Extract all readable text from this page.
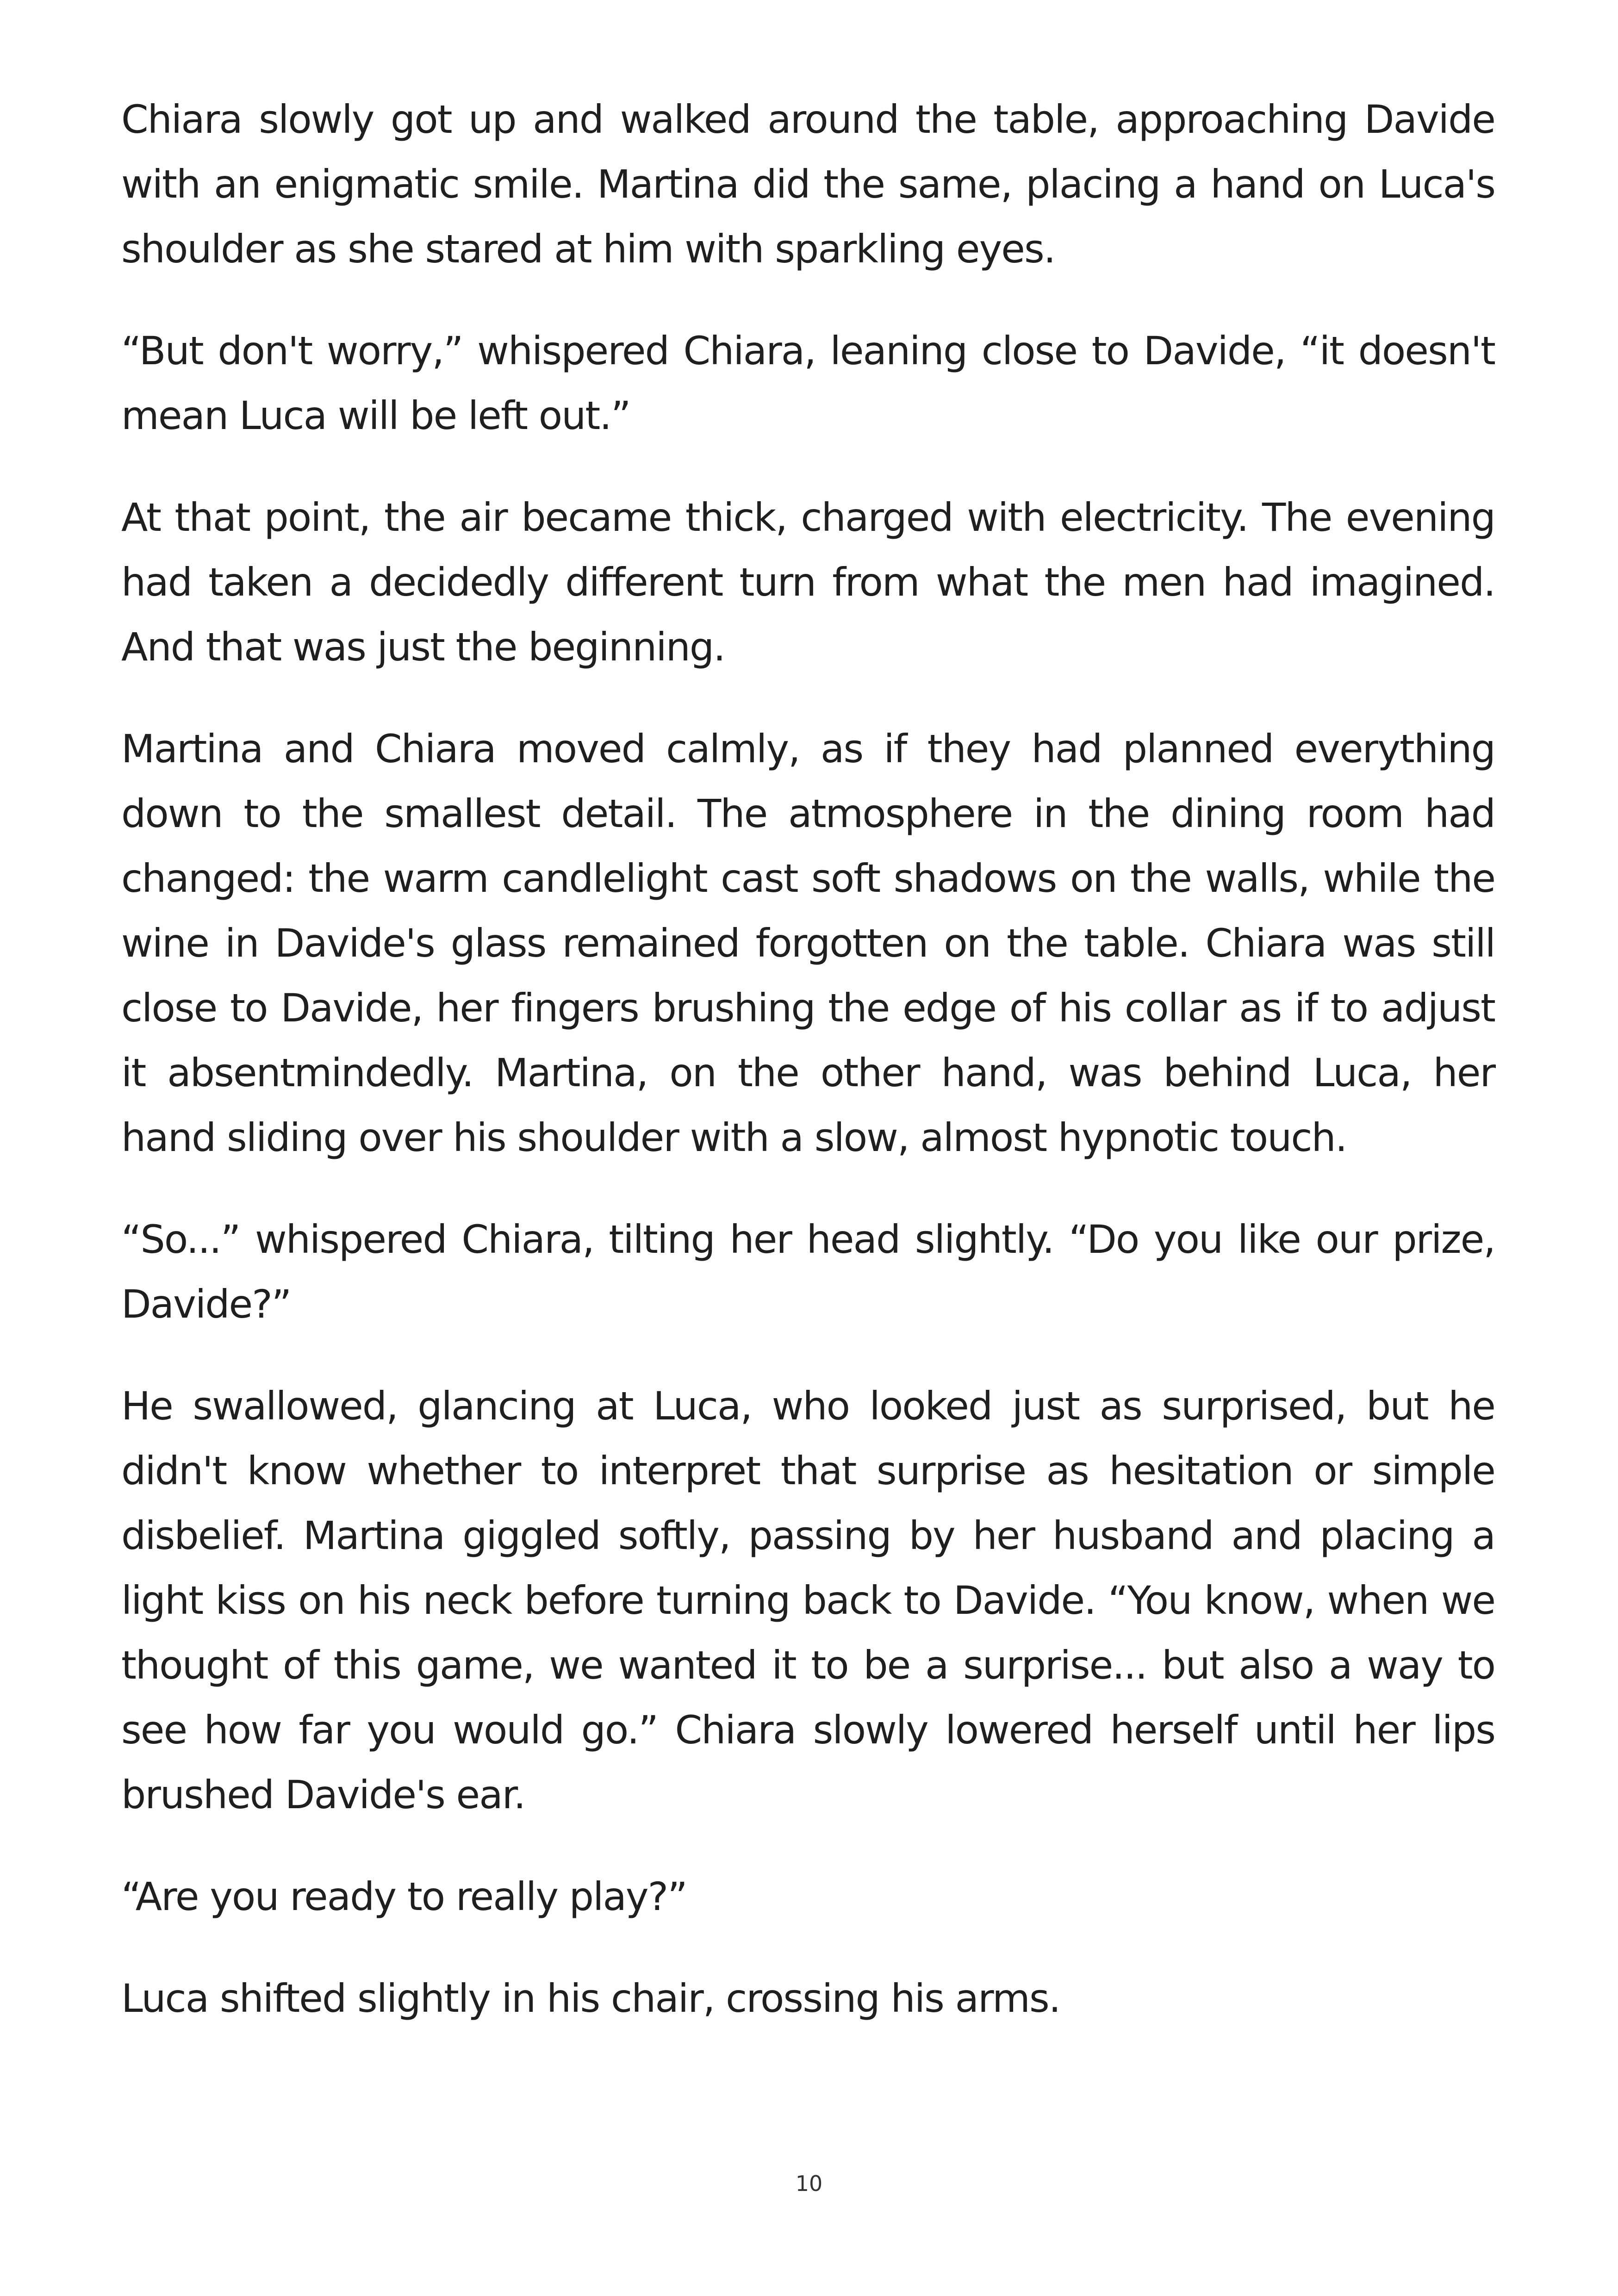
Chiara slowly got up and walked around the table, approaching Davide with an enigmatic smile. Martina did the same, placing a hand on Luca's shoulder as she stared at him with sparkling eyes.

“But don't worry,” whispered Chiara, leaning close to Davide, “it doesn't mean Luca will be left out.”

At that point, the air became thick, charged with electricity. The evening had taken a decidedly different turn from what the men had imagined. And that was just the beginning.

Martina and Chiara moved calmly, as if they had planned everything down to the smallest detail. The atmosphere in the dining room had changed: the warm candlelight cast soft shadows on the walls, while the wine in Davide's glass remained forgotten on the table. Chiara was still close to Davide, her fingers brushing the edge of his collar as if to adjust it absentmindedly. Martina, on the other hand, was behind Luca, her hand sliding over his shoulder with a slow, almost hypnotic touch.

“So...” whispered Chiara, tilting her head slightly. “Do you like our prize, Davide?”

He swallowed, glancing at Luca, who looked just as surprised, but he didn't know whether to interpret that surprise as hesitation or simple disbelief. Martina giggled softly, passing by her husband and placing a light kiss on his neck before turning back to Davide. “You know, when we thought of this game, we wanted it to be a surprise... but also a way to see how far you would go.” Chiara slowly lowered herself until her lips brushed Davide's ear.

“Are you ready to really play?”

Luca shifted slightly in his chair, crossing his arms.

10
